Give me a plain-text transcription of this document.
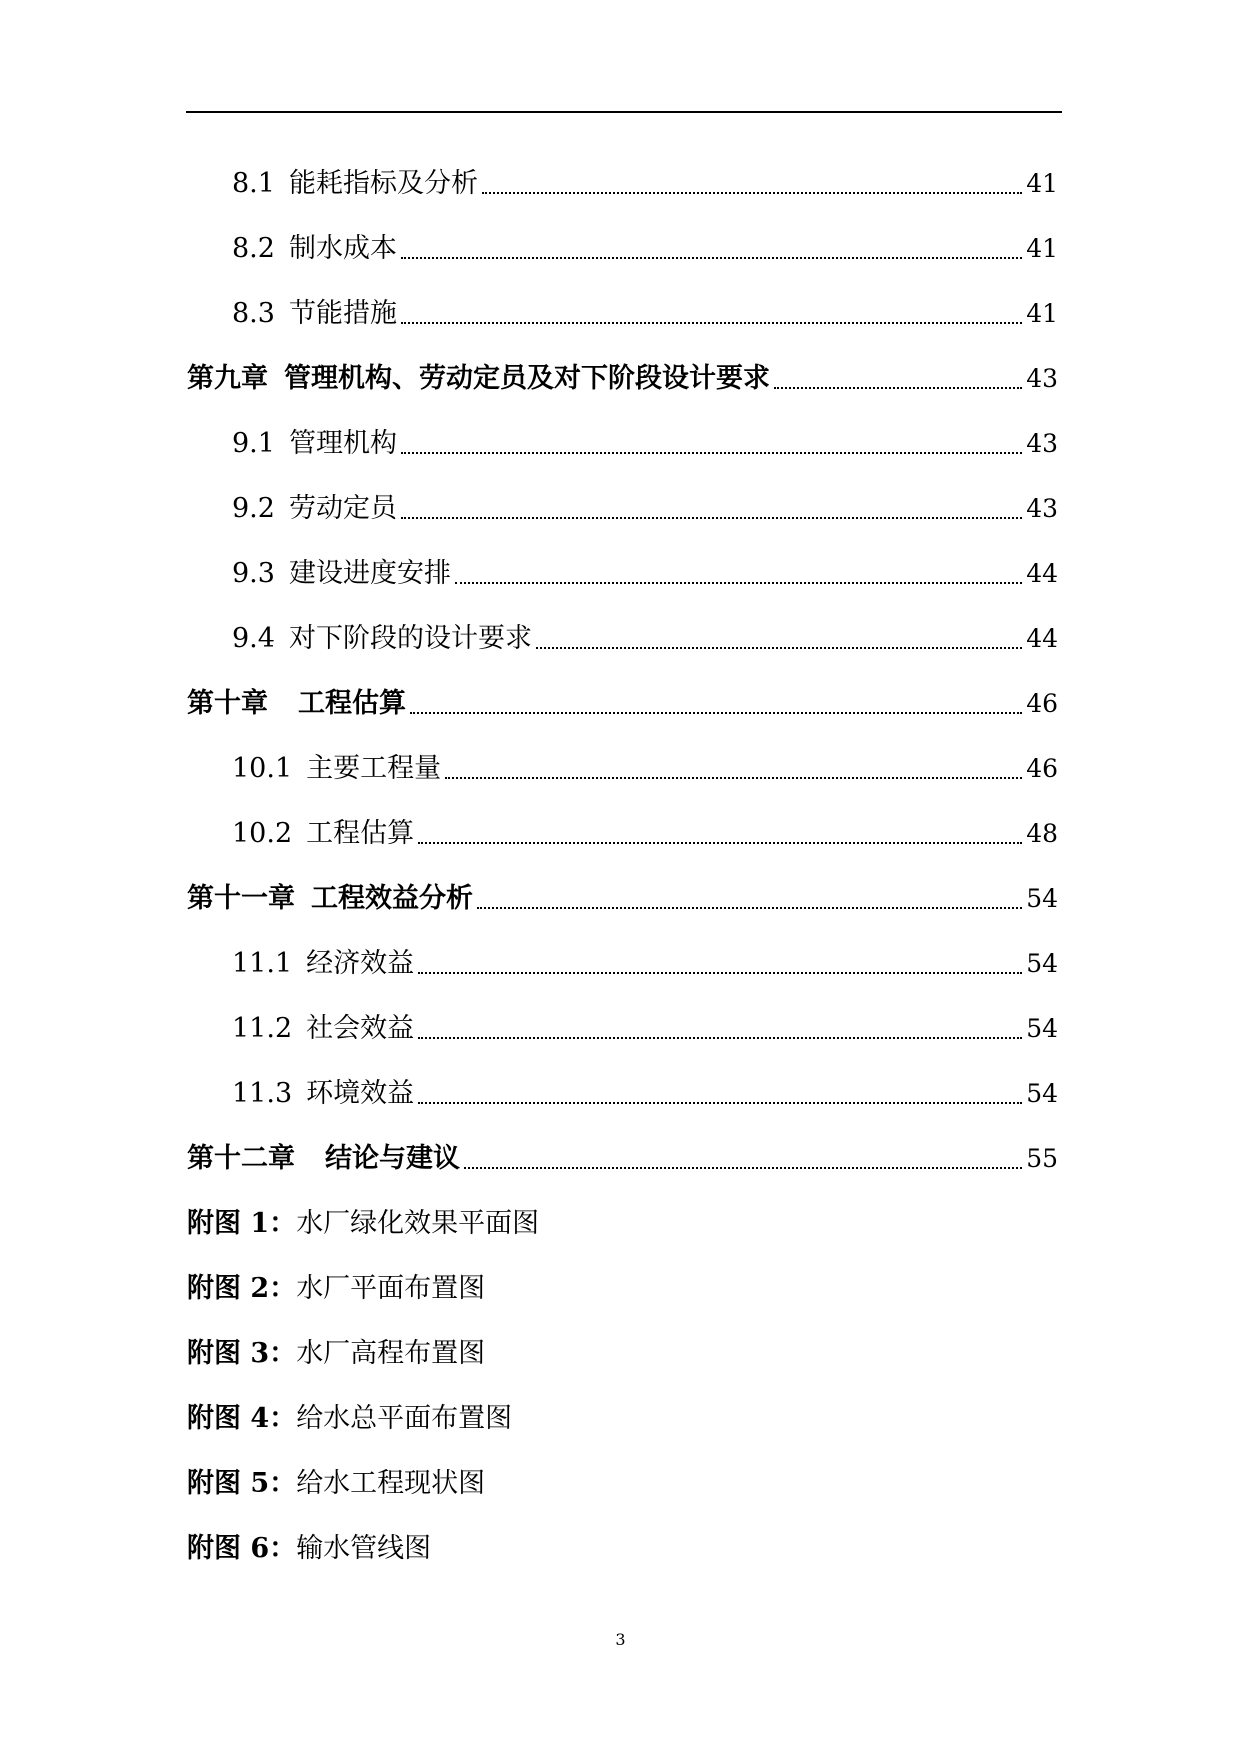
8.1 能耗指标及分析	41
8.2 制水成本	41
8.3 节能措施	41
第九章 管理机构、劳动定员及对下阶段设计要求	43
9.1 管理机构	43
9.2 劳动定员	43
9.3 建设进度安排	44
9.4 对下阶段的设计要求	44
第十章 工程估算	46
10.1 主要工程量	46
10.2 工程估算	48
第十一章 工程效益分析	54
11.1 经济效益	54
11.2 社会效益	54
11.3 环境效益	54
第十二章 结论与建议	55
附图 1：水厂绿化效果平面图
附图 2：水厂平面布置图
附图 3：水厂高程布置图
附图 4：给水总平面布置图
附图 5：给水工程现状图
附图 6：输水管线图
3
